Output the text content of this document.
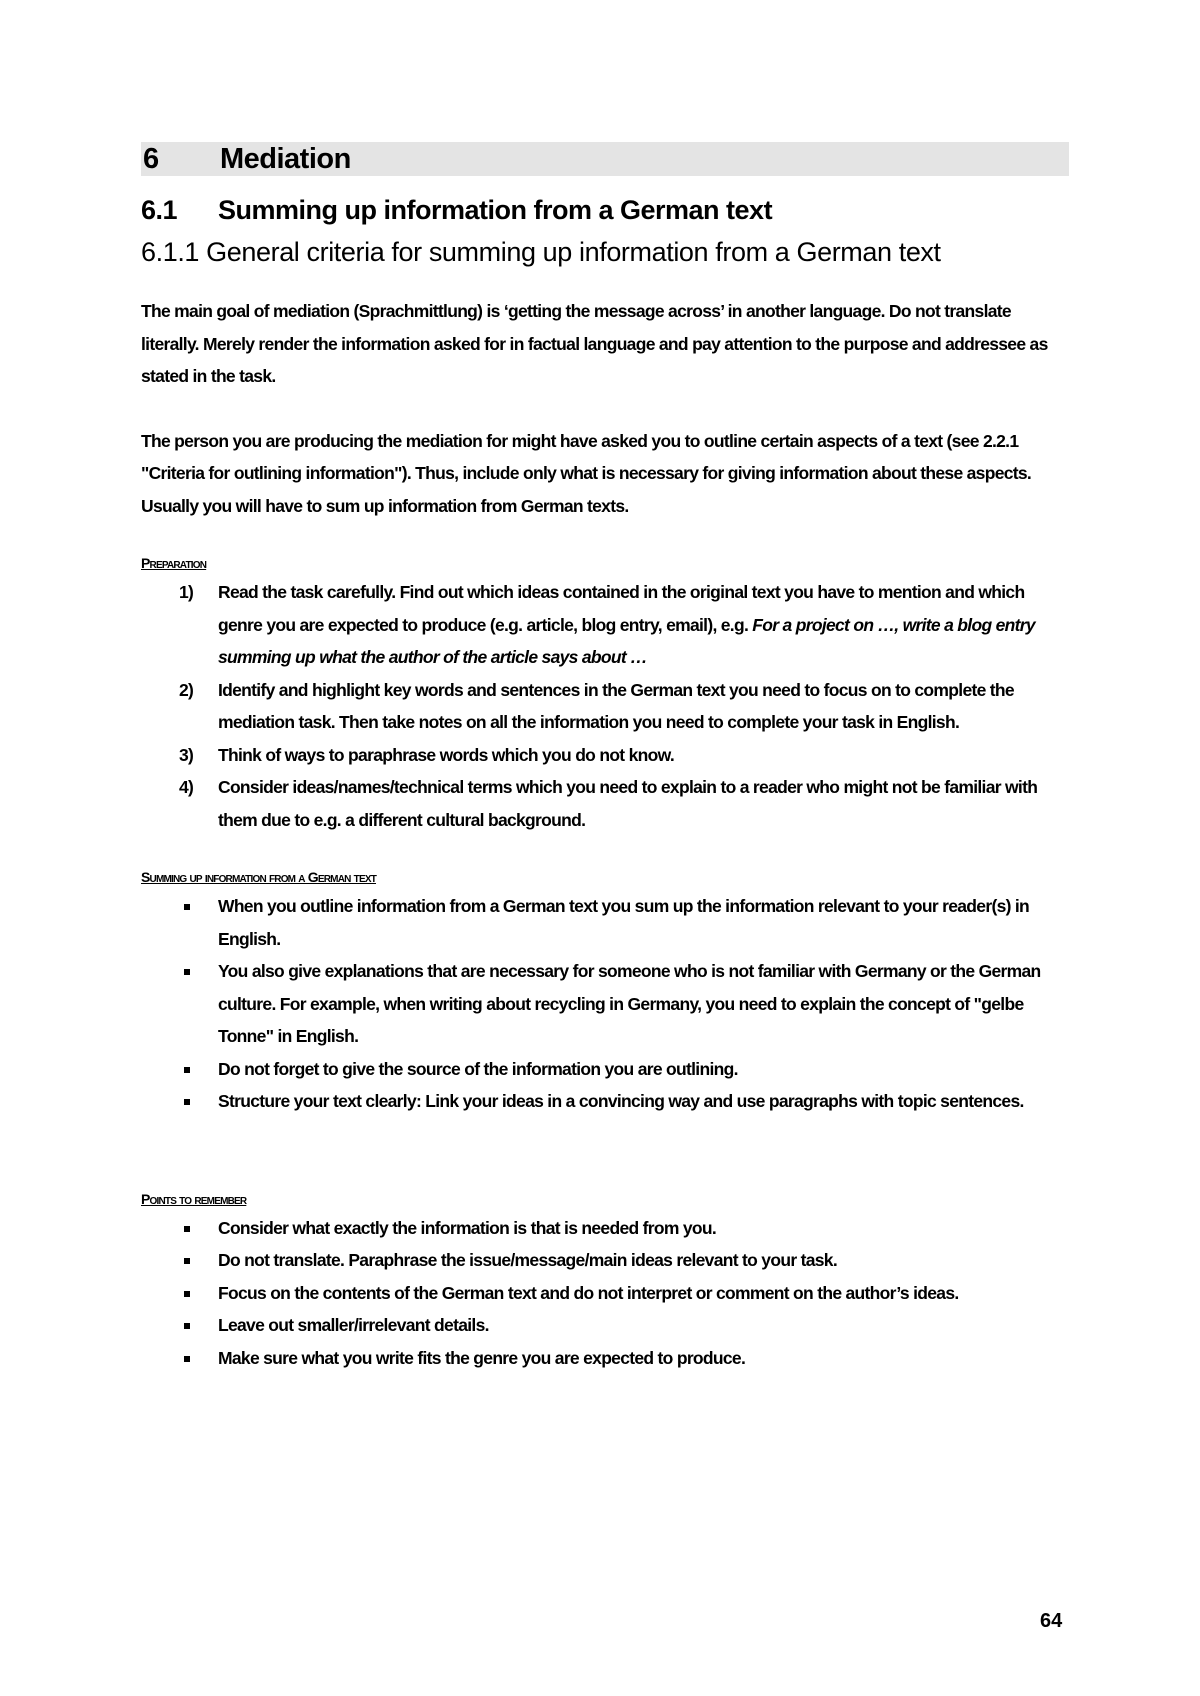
6	Mediation
6.1	Summing up information from a German text
6.1.1 General criteria for summing up information from a German text

The main goal of mediation (Sprachmittlung) is ‘getting the message across’ in another language. Do not translate literally. Merely render the information asked for in factual language and pay attention to the purpose and addressee as stated in the task.

The person you are producing the mediation for might have asked you to outline certain aspects of a text (see 2.2.1 "Criteria for outlining information"). Thus, include only what is necessary for giving information about these aspects. Usually you will have to sum up information from German texts.

Preparation
1) Read the task carefully. Find out which ideas contained in the original text you have to mention and which genre you are expected to produce (e.g. article, blog entry, email), e.g. For a project on …, write a blog entry summing up what the author of the article says about …
2) Identify and highlight key words and sentences in the German text you need to focus on to complete the mediation task. Then take notes on all the information you need to complete your task in English.
3) Think of ways to paraphrase words which you do not know.
4) Consider ideas/names/technical terms which you need to explain to a reader who might not be familiar with them due to e.g. a different cultural background.
Summing up information from a German text
When you outline information from a German text you sum up the information relevant to your reader(s) in English.
You also give explanations that are necessary for someone who is not familiar with Germany or the German culture. For example, when writing about recycling in Germany, you need to explain the concept of "gelbe Tonne" in English.
Do not forget to give the source of the information you are outlining.
Structure your text clearly: Link your ideas in a convincing way and use paragraphs with topic sentences.
Points to remember
Consider what exactly the information is that is needed from you.
Do not translate. Paraphrase the issue/message/main ideas relevant to your task.
Focus on the contents of the German text and do not interpret or comment on the author’s ideas.
Leave out smaller/irrelevant details.
Make sure what you write fits the genre you are expected to produce.
64
